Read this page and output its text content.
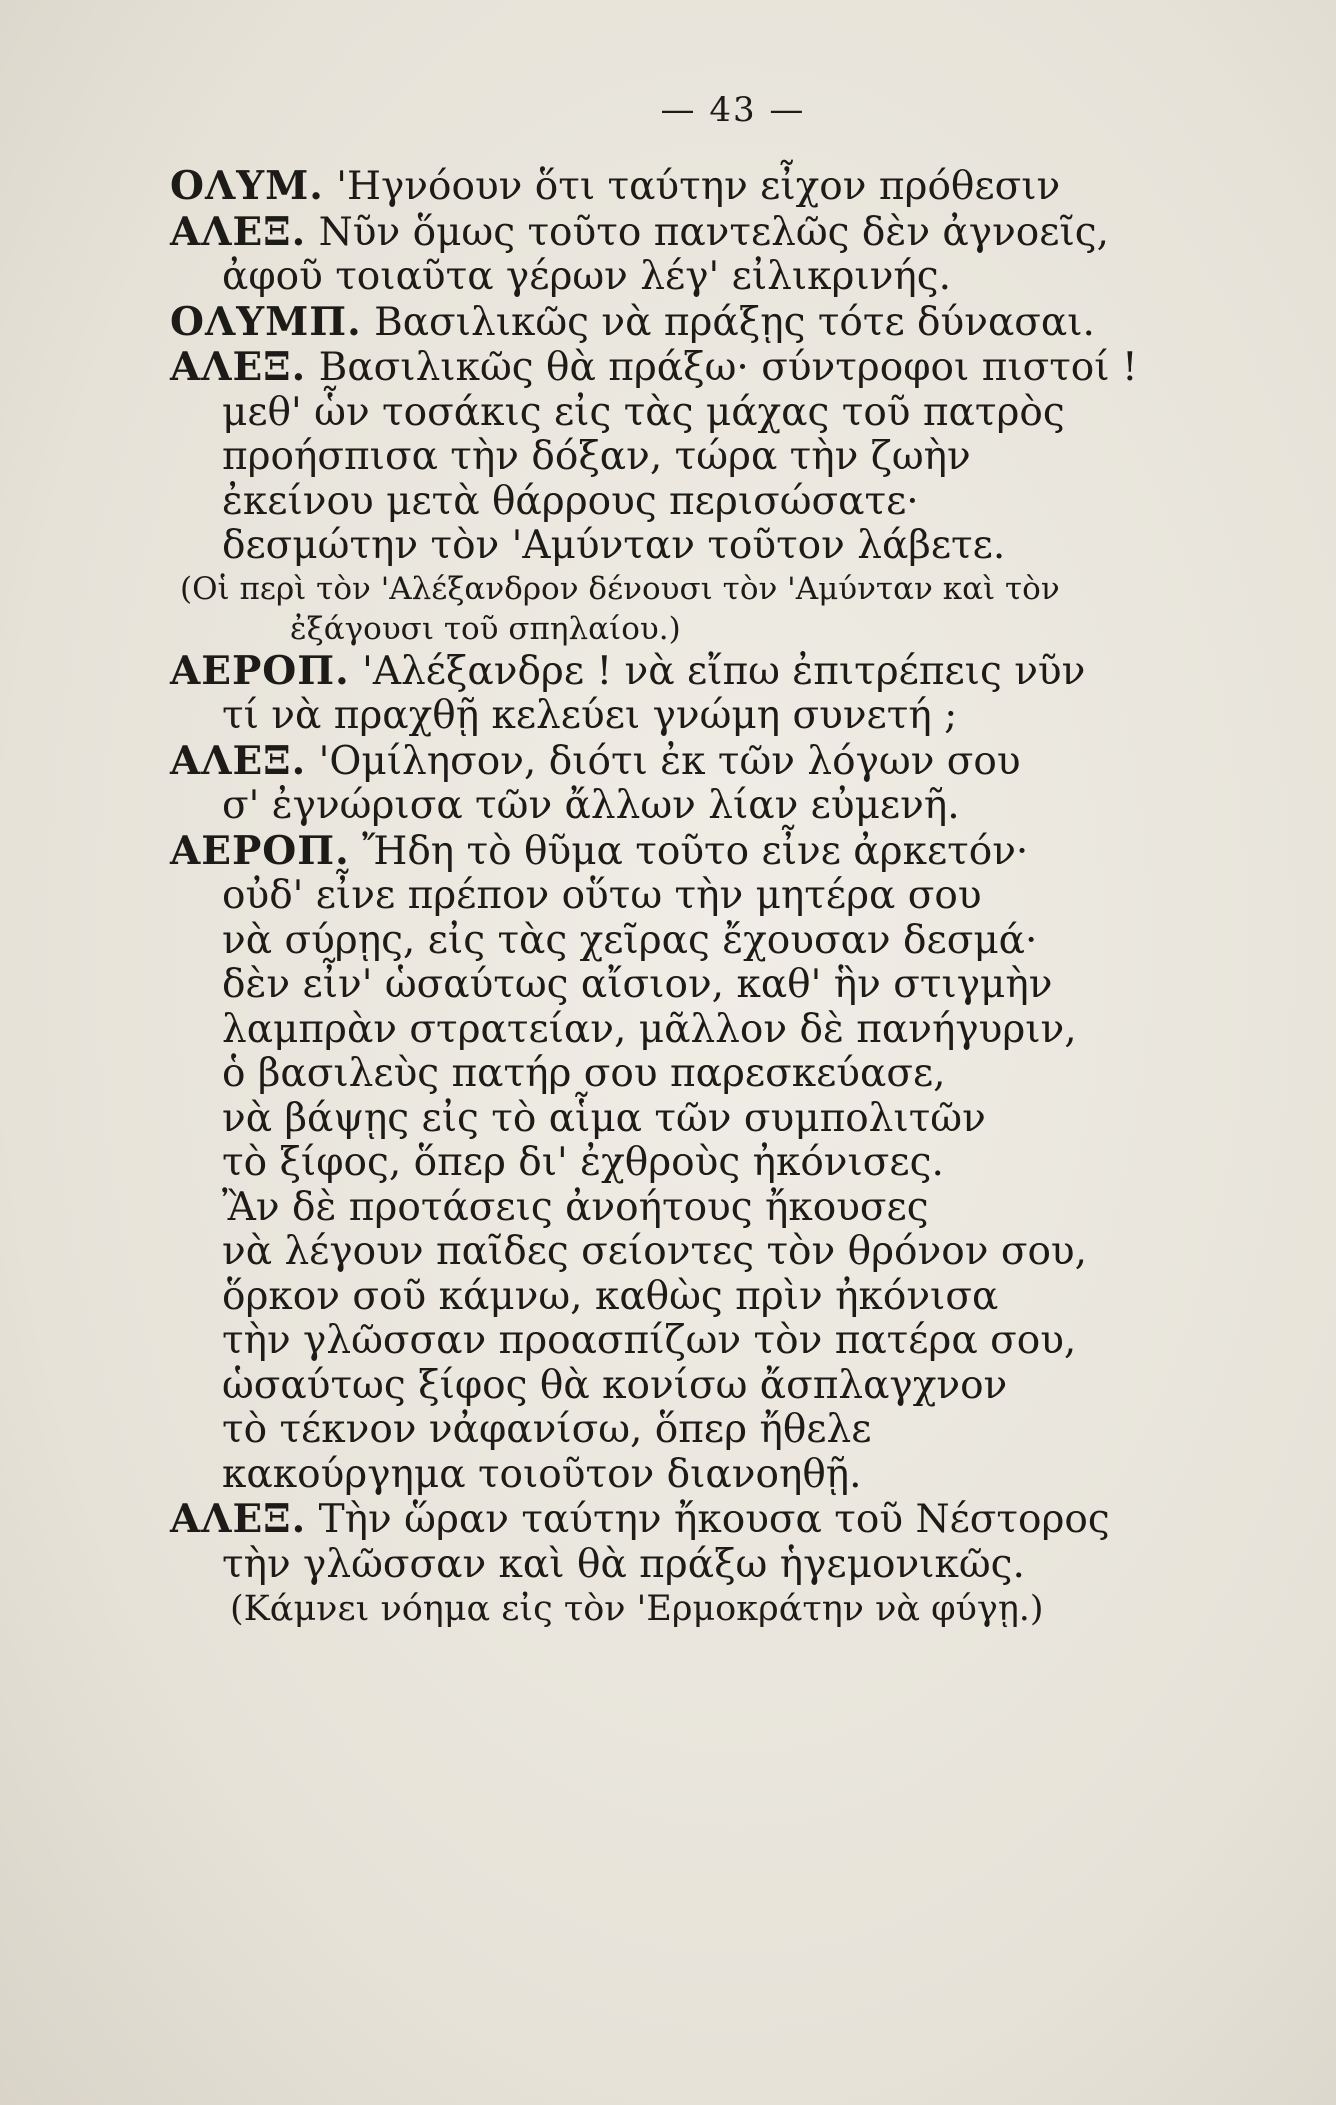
— 43 —
ΟΛΥΜ. 'Ηγνόουν ὅτι ταύτην εἶχον πρόθεσιν
ΑΛΕΞ. Νῦν ὅμως τοῦτο παντελῶς δὲν ἀγνοεῖς,
ἀφοῦ τοιαῦτα γέρων λέγ' εἰλικρινής.
ΟΛΥΜΠ. Βασιλικῶς νὰ πράξῃς τότε δύνασαι.
ΑΛΕΞ. Βασιλικῶς θὰ πράξω· σύντροφοι πιστοί !
μεθ' ὧν τοσάκις εἰς τὰς μάχας τοῦ πατρὸς
προήσπισα τὴν δόξαν, τώρα τὴν ζωὴν
ἐκείνου μετὰ θάρρους περισώσατε·
δεσμώτην τὸν 'Αμύνταν τοῦτον λάβετε.
(Οἱ περὶ τὸν 'Αλέξανδρον δένουσι τὸν 'Αμύνταν καὶ τὸν
ἐξάγουσι τοῦ σπηλαίου.)
ΑΕΡΟΠ. 'Αλέξανδρε ! νὰ εἴπω ἐπιτρέπεις νῦν
τί νὰ πραχθῇ κελεύει γνώμη συνετή ;
ΑΛΕΞ. 'Ομίλησον, διότι ἐκ τῶν λόγων σου
σ' ἐγνώρισα τῶν ἄλλων λίαν εὐμενῆ.
ΑΕΡΟΠ. Ἤδη τὸ θῦμα τοῦτο εἶνε ἀρκετόν·
οὐδ' εἶνε πρέπον οὕτω τὴν μητέρα σου
νὰ σύρῃς, εἰς τὰς χεῖρας ἔχουσαν δεσμά·
δὲν εἶν' ὡσαύτως αἴσιον, καθ' ἣν στιγμὴν
λαμπρὰν στρατείαν, μᾶλλον δὲ πανήγυριν,
ὁ βασιλεὺς πατήρ σου παρεσκεύασε,
νὰ βάψῃς εἰς τὸ αἷμα τῶν συμπολιτῶν
τὸ ξίφος, ὅπερ δι' ἐχθροὺς ἠκόνισες.
Ἂν δὲ προτάσεις ἀνοήτους ἤκουσες
νὰ λέγουν παῖδες σείοντες τὸν θρόνον σου,
ὅρκον σοῦ κάμνω, καθὼς πρὶν ἠκόνισα
τὴν γλῶσσαν προασπίζων τὸν πατέρα σου,
ὡσαύτως ξίφος θὰ κονίσω ἄσπλαγχνον
τὸ τέκνον νἀφανίσω, ὅπερ ἤθελε
κακούργημα τοιοῦτον διανοηθῇ.
ΑΛΕΞ. Τὴν ὥραν ταύτην ἤκουσα τοῦ Νέστορος
τὴν γλῶσσαν καὶ θὰ πράξω ἡγεμονικῶς.
(Κάμνει νόημα εἰς τὸν 'Ερμοκράτην νὰ φύγῃ.)
